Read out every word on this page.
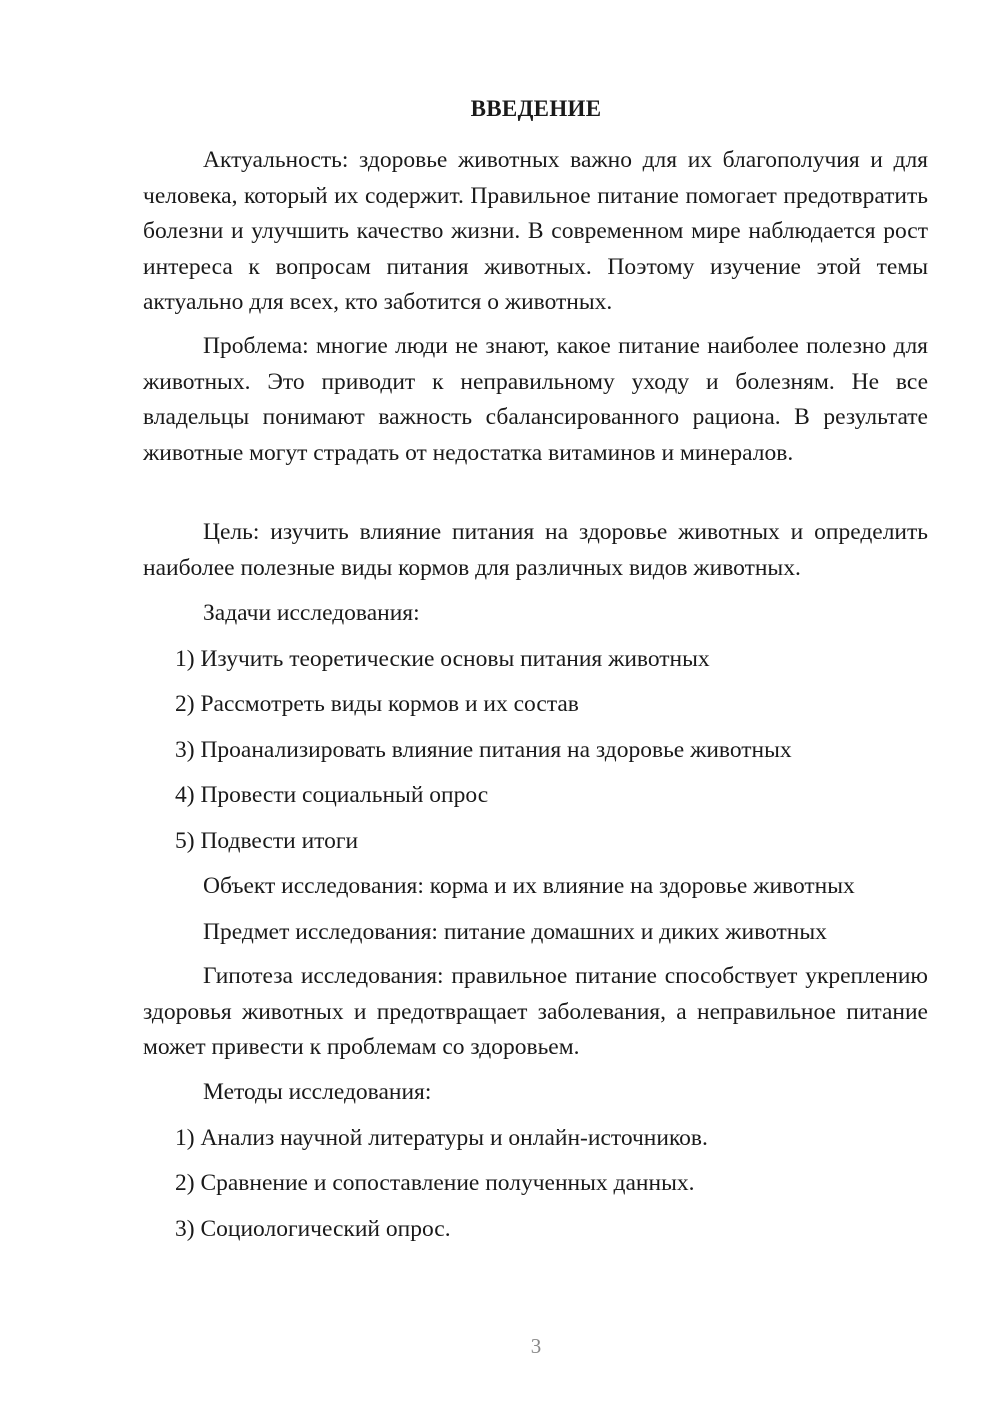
ВВЕДЕНИЕ

Актуальность: здоровье животных важно для их благополучия и для человека, который их содержит. Правильное питание помогает предотвратить болезни и улучшить качество жизни. В современном мире наблюдается рост интереса к вопросам питания животных. Поэтому изучение этой темы актуально для всех, кто заботится о животных.

Проблема: многие люди не знают, какое питание наиболее полезно для животных. Это приводит к неправильному уходу и болезням. Не все владельцы понимают важность сбалансированного рациона. В результате животные могут страдать от недостатка витаминов и минералов.

Цель: изучить влияние питания на здоровье животных и определить наиболее полезные виды кормов для различных видов животных.

Задачи исследования:

1) Изучить теоретические основы питания животных

2) Рассмотреть виды кормов и их состав

3) Проанализировать влияние питания на здоровье животных

4) Провести социальный опрос

5) Подвести итоги

Объект исследования: корма и их влияние на здоровье животных

Предмет исследования: питание домашних и диких животных

Гипотеза исследования: правильное питание способствует укреплению здоровья животных и предотвращает заболевания, а неправильное питание может привести к проблемам со здоровьем.

Методы исследования:

1) Анализ научной литературы и онлайн-источников.

2) Сравнение и сопоставление полученных данных.

3) Социологический опрос.

3
